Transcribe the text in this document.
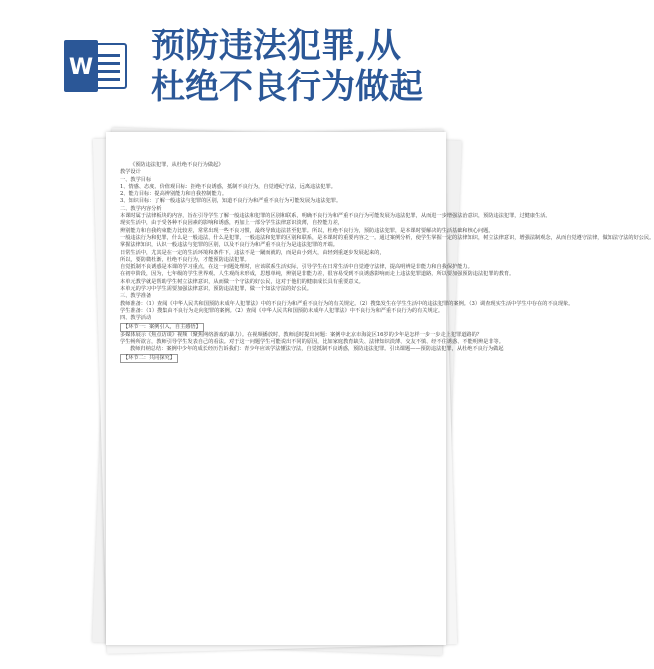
W
预防违法犯罪,从
杜绝不良行为做起
《预防违法犯罪，从杜绝不良行为做起》
教学设计
一、教学目标
1、情感、态度、价值观目标：拒绝不良诱惑，抵制不良行为，自觉遵纪守法，远离违法犯罪。
2、能力目标：提高辨别能力和自我控制能力。
3、知识目标：了解一般违法与犯罪的区别，知道不良行为和严重不良行为可能发展为违法犯罪。
二、教学内容分析
本课时属于法律板块的内容，旨在引导学生了解一般违法和犯罪的区别和联系，明确不良行为和严重不良行为可能发展为违法犯罪，从而进一步增强法治意识，预防违法犯罪，过健康生活。
现实生活中，由于受各种不良因素的影响和诱惑，再加上一部分学生法律意识淡薄，自控能力差，
辨别能力和自我约束能力比较差，常常出现一些不良习惯，最终导致违法甚至犯罪。所以，杜绝不良行为，预防违法犯罪，是本课时要解决的生活基础和核心问题。
一般违法行为和犯罪，什么是一般违法，什么是犯罪，一般违法和犯罪的区别和联系，是本课时的重要内容之一。通过案例分析，使学生掌握一定的法律知识，树立法律意识，增强法制观念，从而自觉遵守法律，做知法守法的好公民。
掌握法律知识，认识一般违法与犯罪的区别，以及不良行为和严重不良行为是违法犯罪的开端。
日常生活中，尤其是在一定的生活环境和条件下，违法不是一蹴而就的，而是由小到大，由轻到重逐步发展起来的，
所以，要防微杜渐，杜绝不良行为，才能预防违法犯罪。
自觉抵制不良诱惑是本课的学习重点，在这一问题处理时，应该联系生活实际，引导学生在日常生活中自觉遵守法律，提高明辨是非能力和自我保护能力。
在初中阶段，因为，七年级的学生世界观、人生观尚未形成，思想单纯，辨别是非能力差，很容易受到不良诱惑影响而走上违法犯罪道路，所以要加强预防违法犯罪的教育。
本单元教学就是帮助学生树立法律意识，从而做一个守法的好公民，这对于他们的健康成长具有重要意义。
本单元的学习中学生需要加强法律意识，预防违法犯罪，做一个知法守法的好公民。
三、教学准备
教师准备：（1）查阅《中华人民共和国预防未成年人犯罪法》中的不良行为和严重不良行为的有关规定。（2）搜集发生在学生生活中的违法犯罪的案例。（3）调查现实生活中学生中存在的不良现象。
学生准备：（1）搜集由不良行为走向犯罪的案例。（2）查阅《中华人民共和国预防未成年人犯罪法》中不良行为和严重不良行为的有关规定。
四、教学活动
【环节一：案例引入，自主感悟】
多媒体展示《焦点访谈》视频（聚焦网络游戏的暴力）。在视频播放时，教师适时提出问题：案例中北京市海淀区16岁的少年是怎样一步一步走上犯罪道路的？
学生畅所欲言，教师引导学生发表自己的看法。对于这一问题学生可能说出不同的原因，比如家庭教育缺失、法律知识淡薄、交友不慎、经不住诱惑、不能明辨是非等。
教师归纳总结：案例中少年的成长经历告诉我们：青少年应该学法懂法守法，自觉抵制不良诱惑，预防违法犯罪。引出课题——预防违法犯罪，从杜绝不良行为做起
【环节二：共同探究】
